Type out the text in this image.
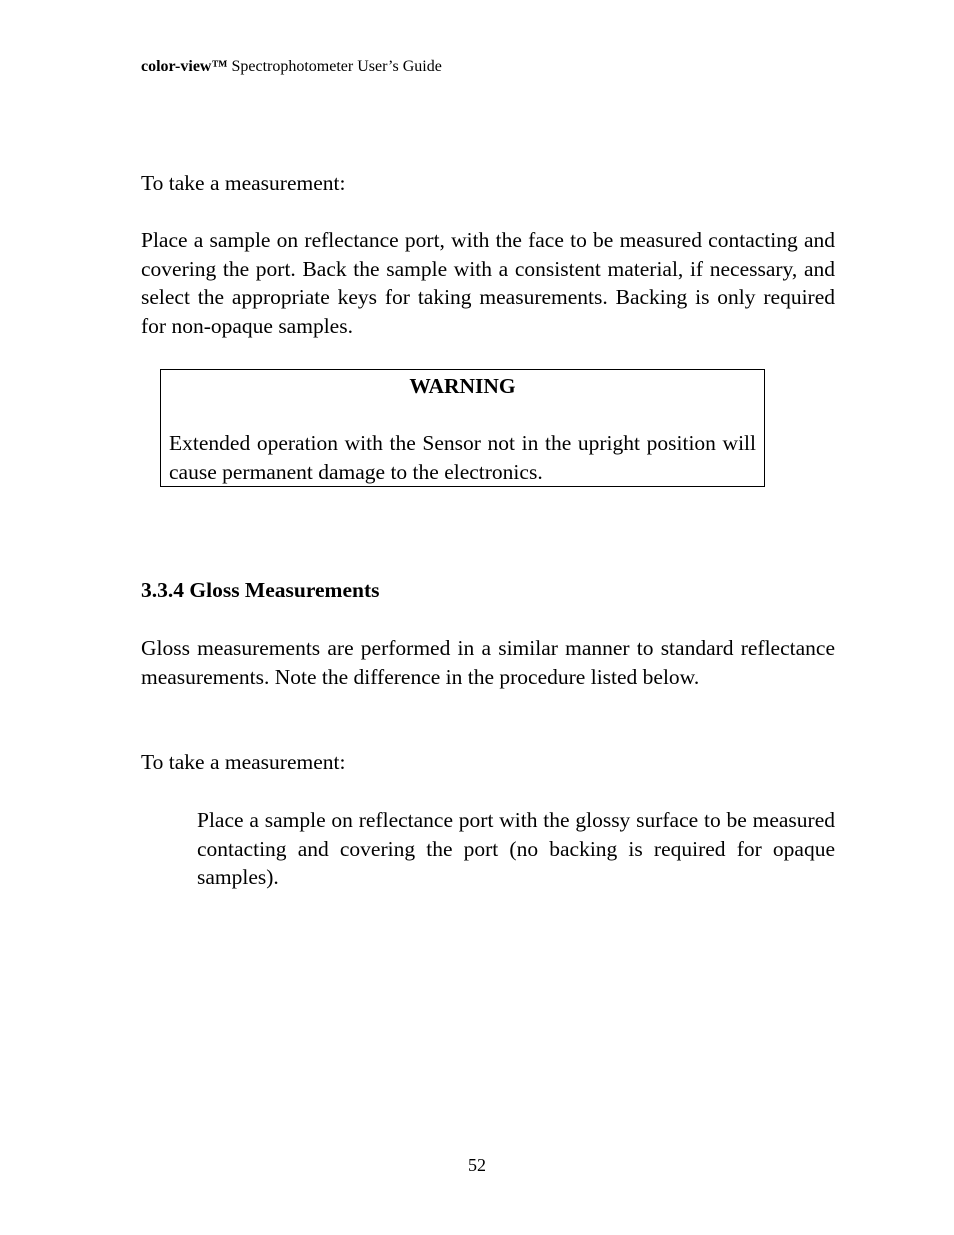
color-view™ Spectrophotometer User’s Guide

To take a measurement:

Place a sample on reflectance port, with the face to be measured contacting and covering the port. Back the sample with a consistent material, if necessary, and select the appropriate keys for taking measurements. Backing is only required for non-opaque samples.

WARNING

Extended operation with the Sensor not in the upright position will cause permanent damage to the electronics.

3.3.4 Gloss Measurements

Gloss measurements are performed in a similar manner to standard reflectance measurements. Note the difference in the procedure listed below.

To take a measurement:

Place a sample on reflectance port with the glossy surface to be measured contacting and covering the port (no backing is required for opaque samples).

52
